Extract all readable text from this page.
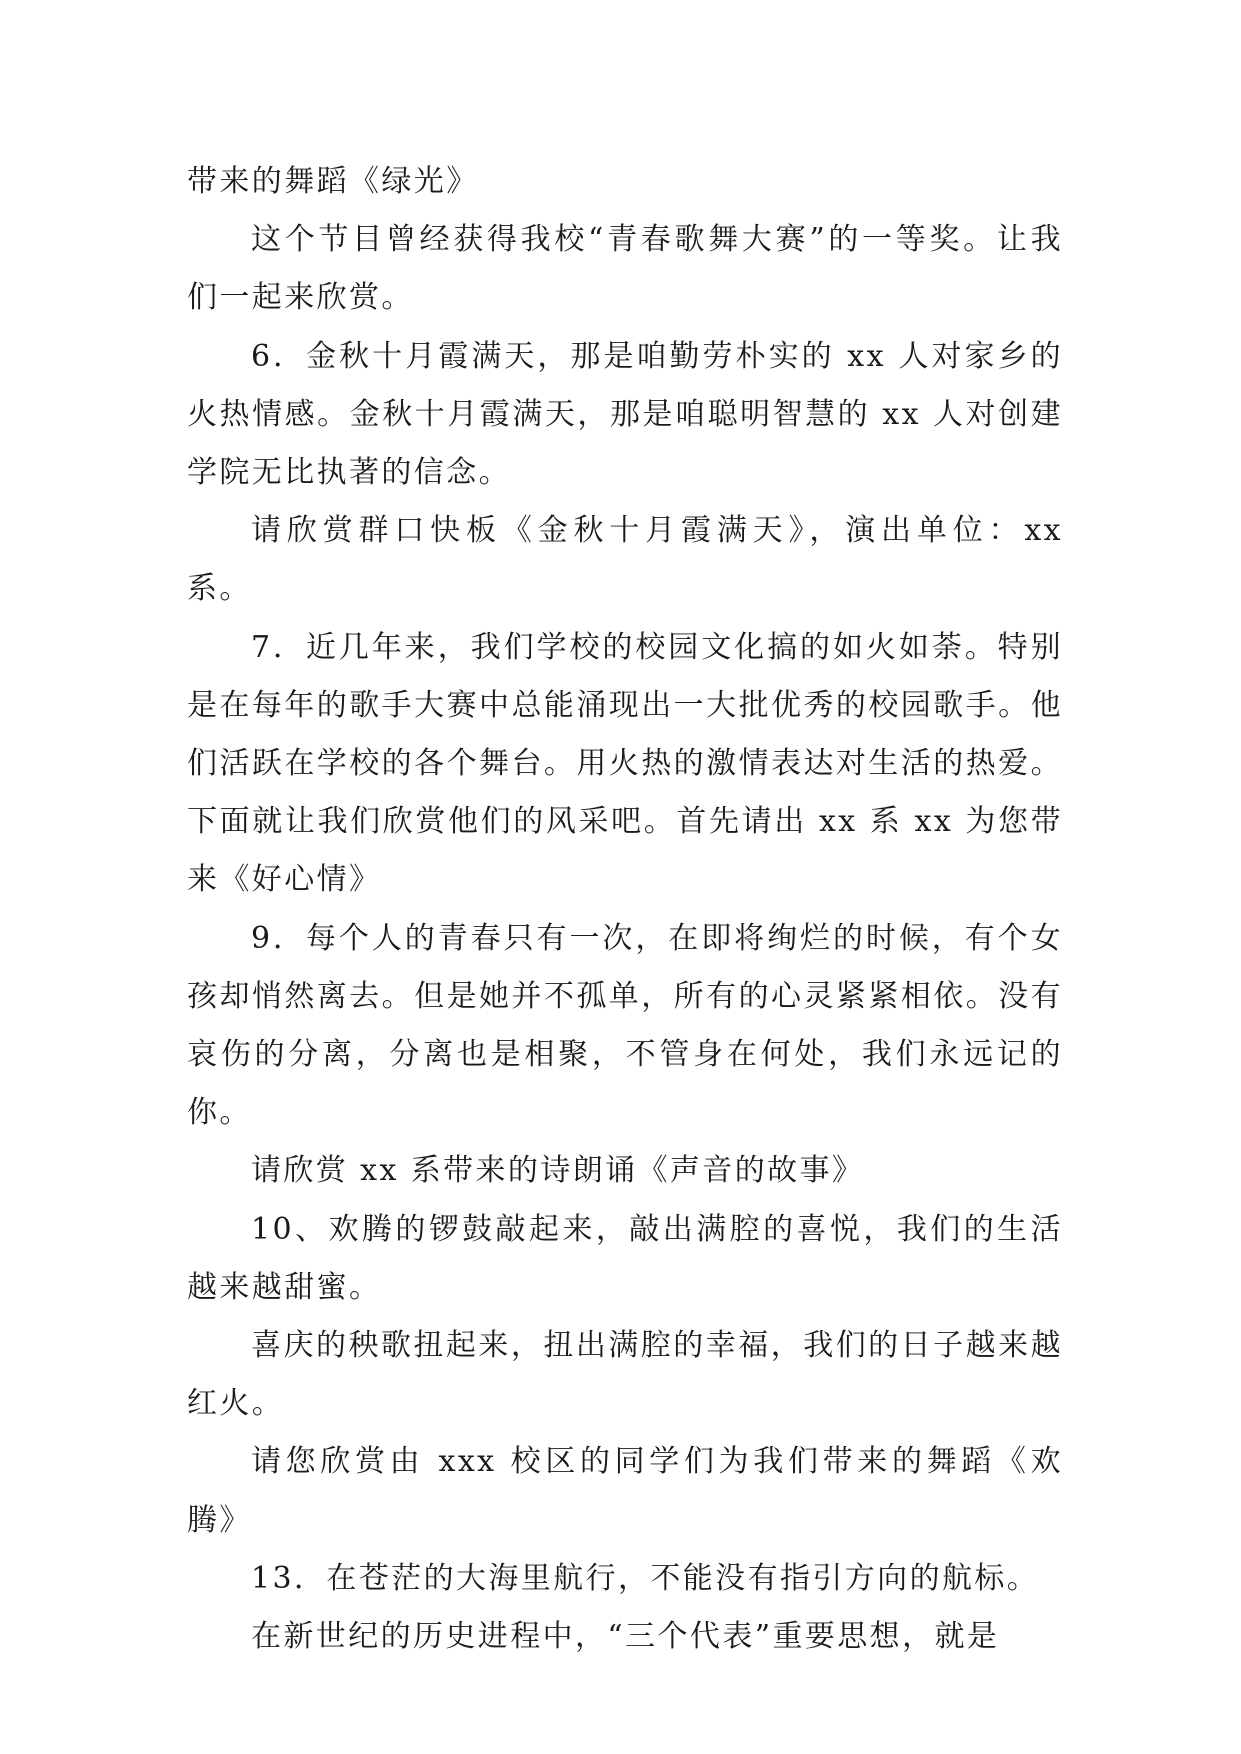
带来的舞蹈《绿光》

这个节目曾经获得我校“青春歌舞大赛”的一等奖。让我们一起来欣赏。

6．金秋十月霞满天，那是咱勤劳朴实的 xx 人对家乡的火热情感。金秋十月霞满天，那是咱聪明智慧的 xx 人对创建学院无比执著的信念。

请欣赏群口快板《金秋十月霞满天》，演出单位：xx 系。

7．近几年来，我们学校的校园文化搞的如火如荼。特别是在每年的歌手大赛中总能涌现出一大批优秀的校园歌手。他们活跃在学校的各个舞台。用火热的激情表达对生活的热爱。下面就让我们欣赏他们的风采吧。首先请出 xx 系 xx 为您带来《好心情》

9．每个人的青春只有一次，在即将绚烂的时候，有个女孩却悄然离去。但是她并不孤单，所有的心灵紧紧相依。没有哀伤的分离，分离也是相聚，不管身在何处，我们永远记的你。

请欣赏 xx 系带来的诗朗诵《声音的故事》

10、欢腾的锣鼓敲起来，敲出满腔的喜悦，我们的生活越来越甜蜜。

喜庆的秧歌扭起来，扭出满腔的幸福，我们的日子越来越红火。

请您欣赏由 xxx 校区的同学们为我们带来的舞蹈《欢腾》

13．在苍茫的大海里航行，不能没有指引方向的航标。

在新世纪的历史进程中，“三个代表”重要思想，就是
